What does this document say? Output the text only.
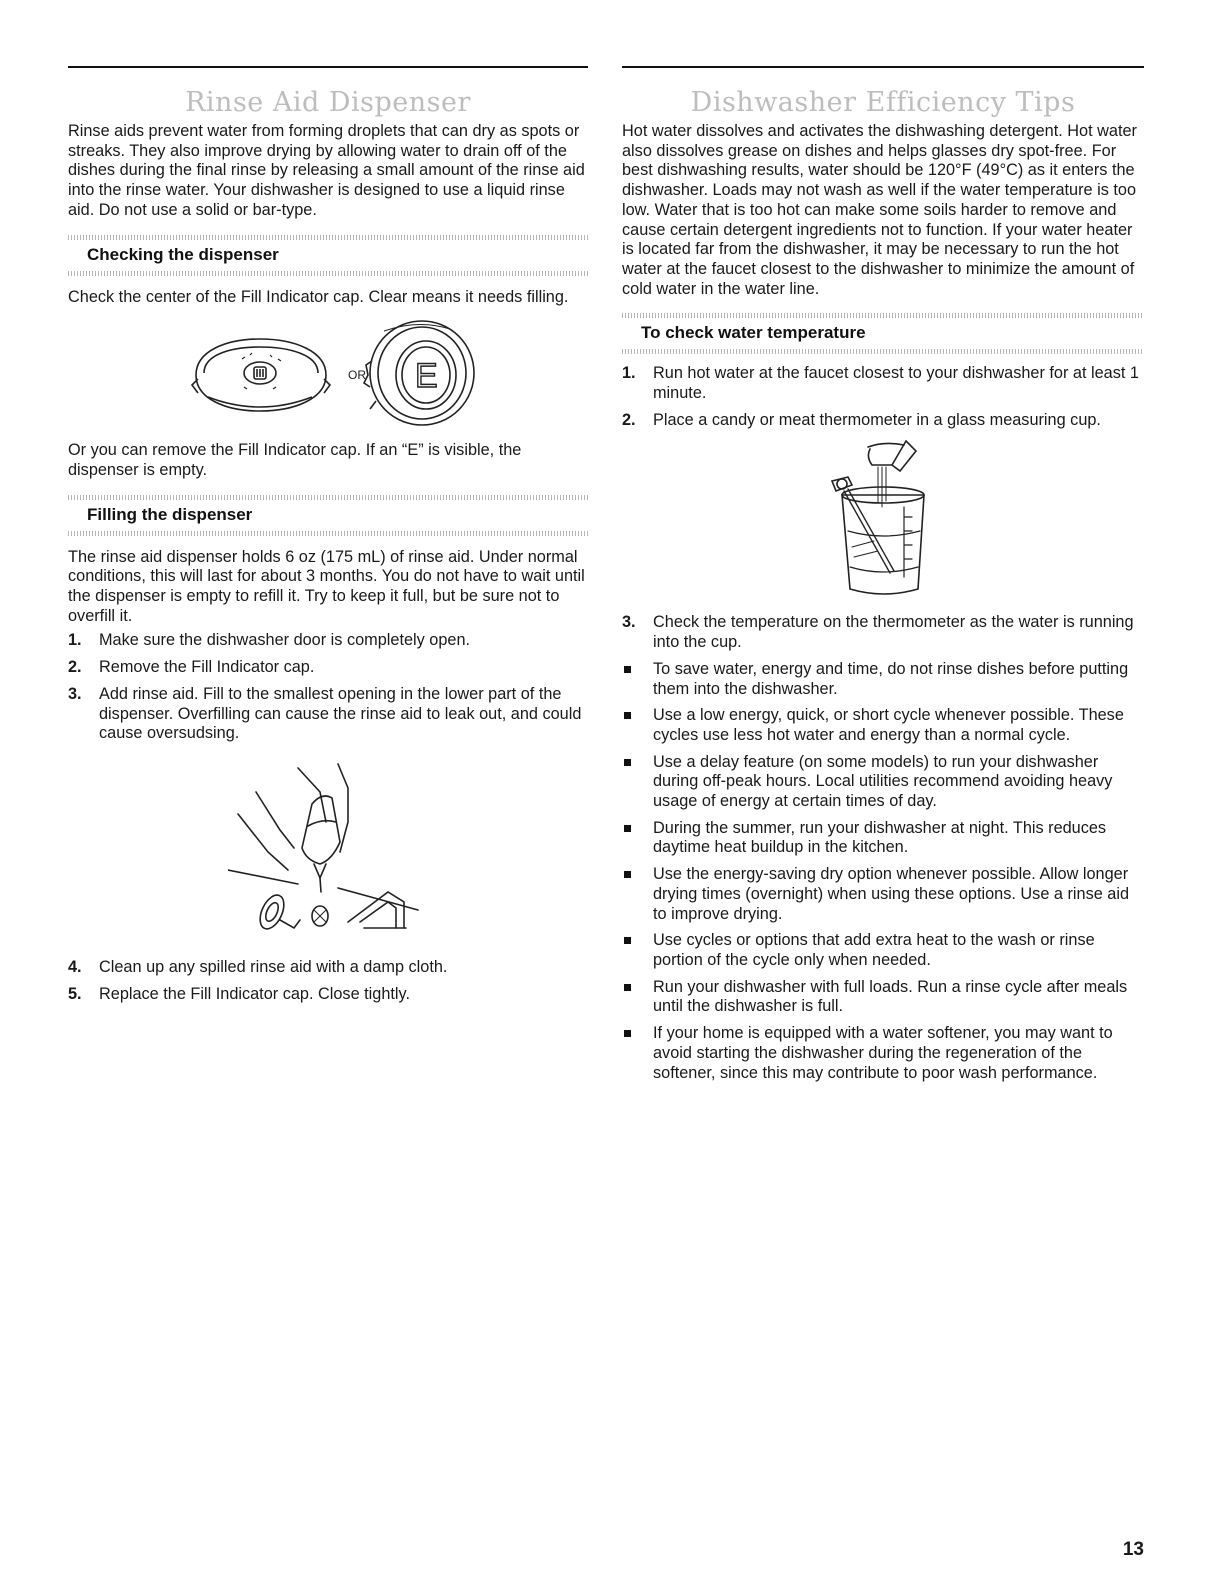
Rinse Aid Dispenser

Rinse aids prevent water from forming droplets that can dry as spots or streaks. They also improve drying by allowing water to drain off of the dishes during the final rinse by releasing a small amount of the rinse aid into the rinse water. Your dishwasher is designed to use a liquid rinse aid. Do not use a solid or bar-type.

Checking the dispenser

Check the center of the Fill Indicator cap. Clear means it needs filling.

OR E

Or you can remove the Fill Indicator cap. If an “E” is visible, the dispenser is empty.

Filling the dispenser

The rinse aid dispenser holds 6 oz (175 mL) of rinse aid. Under normal conditions, this will last for about 3 months. You do not have to wait until the dispenser is empty to refill it. Try to keep it full, but be sure not to overfill it.

1. Make sure the dishwasher door is completely open.
2. Remove the Fill Indicator cap.
3. Add rinse aid. Fill to the smallest opening in the lower part of the dispenser. Overfilling can cause the rinse aid to leak out, and could cause oversudsing.
4. Clean up any spilled rinse aid with a damp cloth.
5. Replace the Fill Indicator cap. Close tightly.
Dishwasher Efficiency Tips

Hot water dissolves and activates the dishwashing detergent. Hot water also dissolves grease on dishes and helps glasses dry spot-free. For best dishwashing results, water should be 120°F (49°C) as it enters the dishwasher. Loads may not wash as well if the water temperature is too low. Water that is too hot can make some soils harder to remove and cause certain detergent ingredients not to function. If your water heater is located far from the dishwasher, it may be necessary to run the hot water at the faucet closest to the dishwasher to minimize the amount of cold water in the water line.

To check water temperature
1. Run hot water at the faucet closest to your dishwasher for at least 1 minute.
2. Place a candy or meat thermometer in a glass measuring cup.
3. Check the temperature on the thermometer as the water is running into the cup.
To save water, energy and time, do not rinse dishes before putting them into the dishwasher.
Use a low energy, quick, or short cycle whenever possible. These cycles use less hot water and energy than a normal cycle.
Use a delay feature (on some models) to run your dishwasher during off-peak hours. Local utilities recommend avoiding heavy usage of energy at certain times of day.
During the summer, run your dishwasher at night. This reduces daytime heat buildup in the kitchen.
Use the energy-saving dry option whenever possible. Allow longer drying times (overnight) when using these options. Use a rinse aid to improve drying.
Use cycles or options that add extra heat to the wash or rinse portion of the cycle only when needed.
Run your dishwasher with full loads. Run a rinse cycle after meals until the dishwasher is full.
If your home is equipped with a water softener, you may want to avoid starting the dishwasher during the regeneration of the softener, since this may contribute to poor wash performance.
13
